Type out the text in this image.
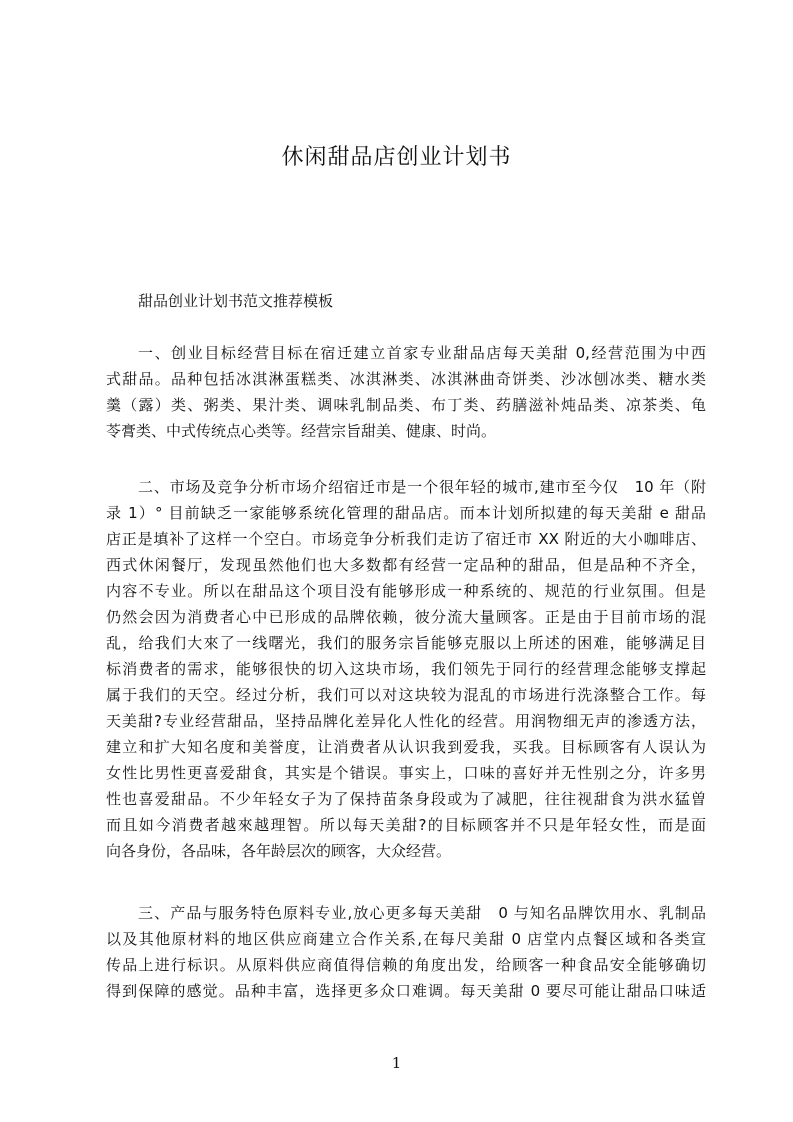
休闲甜品店创业计划书
甜品创业计划书范文推荐模板
一、创业目标经营目标在宿迁建立首家专业甜品店每天美甜 0,经营范围为中西
式甜品。品种包括冰淇淋蛋糕类、冰淇淋类、冰淇淋曲奇饼类、沙冰刨冰类、糖水类
羹（露）类、粥类、果汁类、调味乳制品类、布丁类、药膳滋补炖品类、凉茶类、龟
苓膏类、中式传统点心类等。经营宗旨甜美、健康、时尚。
二、市场及竞争分析市场介绍宿迁市是一个很年轻的城市,建市至今仅　10 年（附
录 1）° 目前缺乏一家能够系统化管理的甜品店。而本计划所拟建的每天美甜 e 甜品
店正是填补了这样一个空白。市场竞争分析我们走访了宿迁市 XX 附近的大小咖啡店、
西式休闲餐厅，发现虽然他们也大多数都有经营一定品种的甜品，但是品种不齐全，
内容不专业。所以在甜品这个项目没有能够形成一种系统的、规范的行业氛围。但是
仍然会因为消费者心中已形成的品牌依赖，彼分流大量顾客。正是由于目前市场的混
乱，给我们大來了一线曙光，我们的服务宗旨能够克服以上所述的困难，能够满足目
标消费者的需求，能够很快的切入这块市场，我们领先于同行的经营理念能够支撑起
属于我们的天空。经过分析，我们可以对这块较为混乱的市场进行洗涤整合工作。每
天美甜?专业经营甜品，坚持品牌化差异化人性化的经营。用润物细无声的渗透方法，
建立和扩大知名度和美誉度，让消费者从认识我到爱我，买我。目标顾客有人误认为
女性比男性更喜爱甜食，其实是个错误。事实上，口味的喜好并无性别之分，许多男
性也喜爱甜品。不少年轻女子为了保持苗条身段或为了减肥，往往视甜食为洪水猛曽
而且如今消费者越來越理智。所以每天美甜?的目标顾客并不只是年轻女性，而是面
向各身份，各品味，各年龄层次的顾客，大众经营。
三、产品与服务特色原料专业,放心更多每天美甜　0 与知名品牌饮用水、乳制品
以及其他原材料的地区供应商建立合作关系,在每尺美甜 0 店堂内点餐区域和各类宣
传品上进行标识。从原料供应商值得信赖的角度出发，给顾客一种食品安全能够确切
得到保障的感觉。品种丰富，选择更多众口难调。每天美甜 0 要尽可能让甜品口味适
1
